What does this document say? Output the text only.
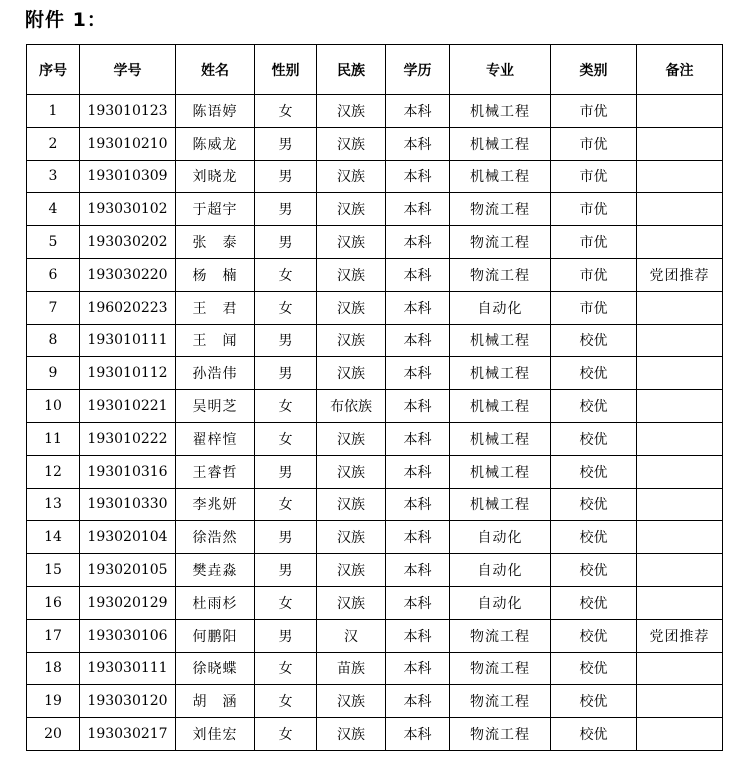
附件 1：
序号	学号	姓名	性别	民族	学历	专业	类别	备注
1	193010123	陈语婷	女	汉族	本科	机械工程	市优	
2	193010210	陈威龙	男	汉族	本科	机械工程	市优	
3	193010309	刘晓龙	男	汉族	本科	机械工程	市优	
4	193030102	于超宇	男	汉族	本科	物流工程	市优	
5	193030202	张　泰	男	汉族	本科	物流工程	市优	
6	193030220	杨　楠	女	汉族	本科	物流工程	市优	党团推荐
7	196020223	王　君	女	汉族	本科	自动化	市优	
8	193010111	王　闻	男	汉族	本科	机械工程	校优	
9	193010112	孙浩伟	男	汉族	本科	机械工程	校优	
10	193010221	吴明芝	女	布依族	本科	机械工程	校优	
11	193010222	翟梓愃	女	汉族	本科	机械工程	校优	
12	193010316	王睿哲	男	汉族	本科	机械工程	校优	
13	193010330	李兆妍	女	汉族	本科	机械工程	校优	
14	193020104	徐浩然	男	汉族	本科	自动化	校优	
15	193020105	樊垚淼	男	汉族	本科	自动化	校优	
16	193020129	杜雨杉	女	汉族	本科	自动化	校优	
17	193030106	何鹏阳	男	汉	本科	物流工程	校优	党团推荐
18	193030111	徐晓蝶	女	苗族	本科	物流工程	校优	
19	193030120	胡　涵	女	汉族	本科	物流工程	校优	
20	193030217	刘佳宏	女	汉族	本科	物流工程	校优	
